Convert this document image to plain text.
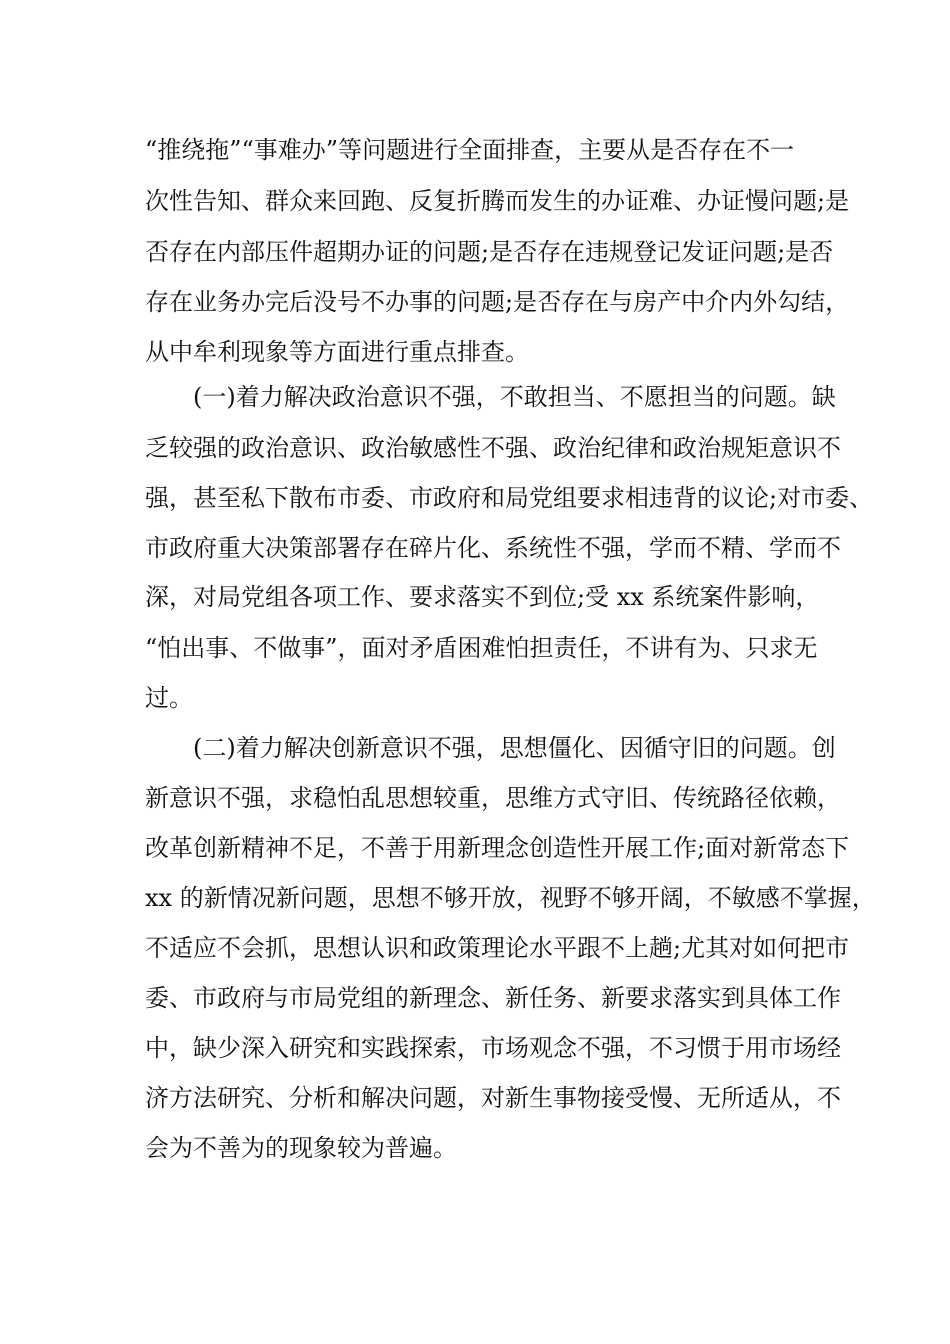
“推绕拖”“事难办”等问题进行全面排查，主要从是否存在不一
次性告知、群众来回跑、反复折腾而发生的办证难、办证慢问题;是
否存在内部压件超期办证的问题;是否存在违规登记发证问题;是否
存在业务办完后没号不办事的问题;是否存在与房产中介内外勾结，
从中牟利现象等方面进行重点排查。
　　(一)着力解决政治意识不强，不敢担当、不愿担当的问题。缺
乏较强的政治意识、政治敏感性不强、政治纪律和政治规矩意识不
强，甚至私下散布市委、市政府和局党组要求相违背的议论;对市委、
市政府重大决策部署存在碎片化、系统性不强，学而不精、学而不
深，对局党组各项工作、要求落实不到位;受 xx 系统案件影响，
“怕出事、不做事”，面对矛盾困难怕担责任，不讲有为、只求无
过。
　　(二)着力解决创新意识不强，思想僵化、因循守旧的问题。创
新意识不强，求稳怕乱思想较重，思维方式守旧、传统路径依赖，
改革创新精神不足，不善于用新理念创造性开展工作;面对新常态下
xx 的新情况新问题，思想不够开放，视野不够开阔，不敏感不掌握，
不适应不会抓，思想认识和政策理论水平跟不上趟;尤其对如何把市
委、市政府与市局党组的新理念、新任务、新要求落实到具体工作
中，缺少深入研究和实践探索，市场观念不强，不习惯于用市场经
济方法研究、分析和解决问题，对新生事物接受慢、无所适从，不
会为不善为的现象较为普遍。
